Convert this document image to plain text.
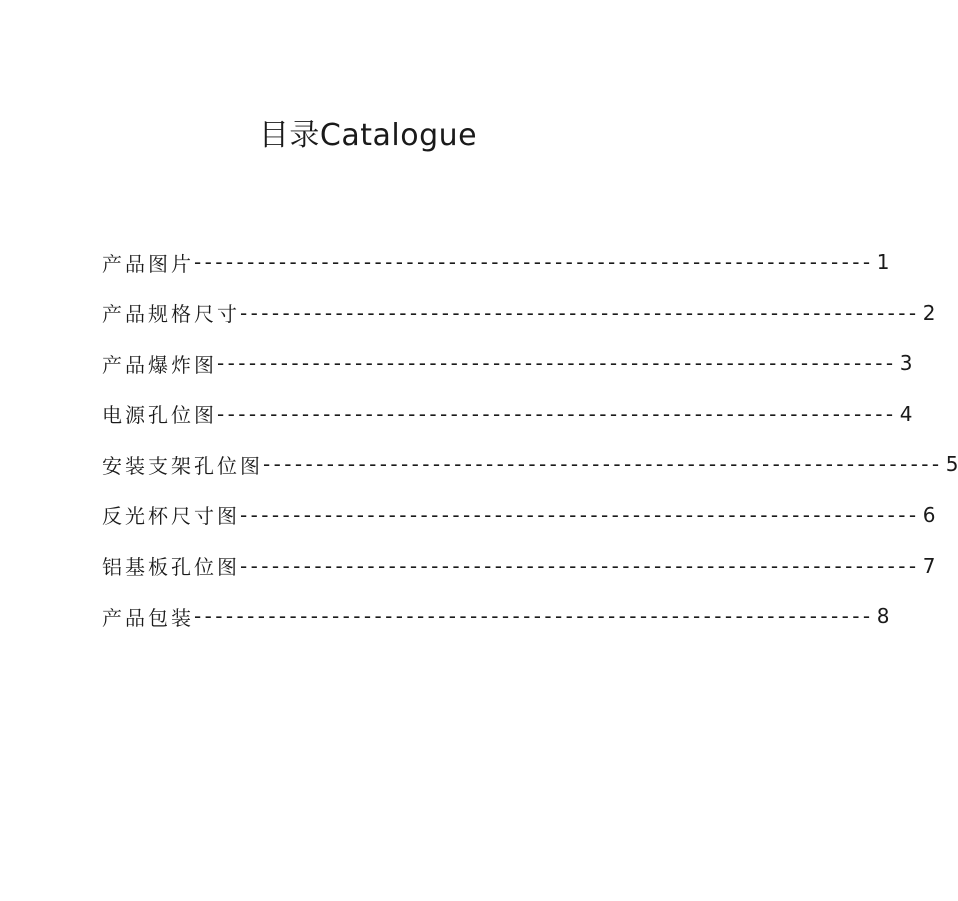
目录Catalogue
产品图片 ---------------------------------------------------------------- 1
产品规格尺寸 ---------------------------------------------------------------- 2
产品爆炸图 ---------------------------------------------------------------- 3
电源孔位图 ---------------------------------------------------------------- 4
安装支架孔位图 ---------------------------------------------------------------- 5
反光杯尺寸图 ---------------------------------------------------------------- 6
铝基板孔位图 ---------------------------------------------------------------- 7
产品包装 ---------------------------------------------------------------- 8
